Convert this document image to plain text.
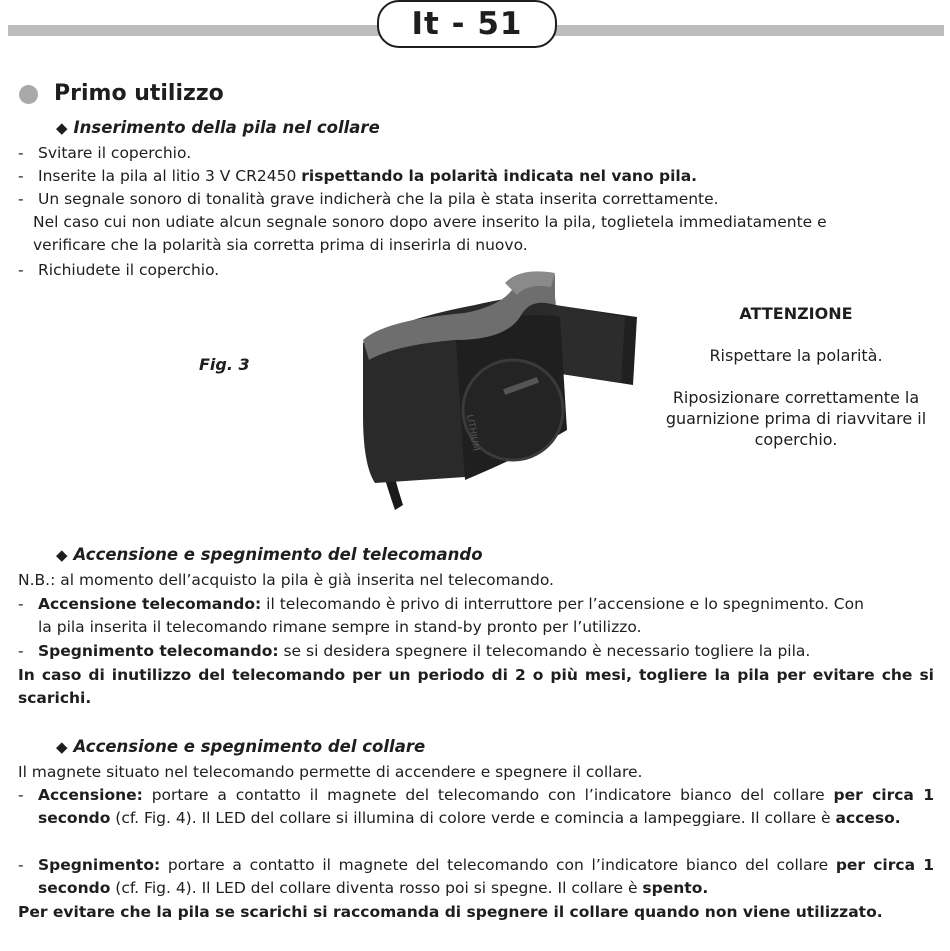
It - 51
Primo utilizzo
◆ Inserimento della pila nel collare
- Svitare il coperchio.
- Inserite la pila al litio 3 V CR2450 rispettando la polarità indicata nel vano pila.
- Un segnale sonoro di tonalità grave indicherà che la pila è stata inserita correttamente.
Nel caso cui non udiate alcun segnale sonoro dopo avere inserito la pila, toglietela immediatamente e
verificare che la polarità sia corretta prima di inserirla di nuovo.
- Richiudete il coperchio.
Fig. 3
LITHIUM
ATTENZIONE
Rispettare la polarità.
Riposizionare correttamente la guarnizione prima di riavvitare il coperchio.
◆ Accensione e spegnimento del telecomando
N.B.: al momento dell’acquisto la pila è già inserita nel telecomando.
- Accensione telecomando: il telecomando è privo di interruttore per l’accensione e lo spegnimento. Con
la pila inserita il telecomando rimane sempre in stand-by pronto per l’utilizzo.
- Spegnimento telecomando: se si desidera spegnere il telecomando è necessario togliere la pila.
In caso di inutilizzo del telecomando per un periodo di 2 o più mesi, togliere la pila per evitare che si scarichi.
◆ Accensione e spegnimento del collare
Il magnete situato nel telecomando permette di accendere e spegnere il collare.
- Accensione: portare a contatto il magnete del telecomando con l’indicatore bianco del collare per circa 1 secondo (cf. Fig. 4). Il LED del collare si illumina di colore verde e comincia a lampeggiare. Il collare è acceso.
- Spegnimento: portare a contatto il magnete del telecomando con l’indicatore bianco del collare per circa 1 secondo (cf. Fig. 4). Il LED del collare diventa rosso poi si spegne. Il collare è spento.
Per evitare che la pila se scarichi si raccomanda di spegnere il collare quando non viene utilizzato.
